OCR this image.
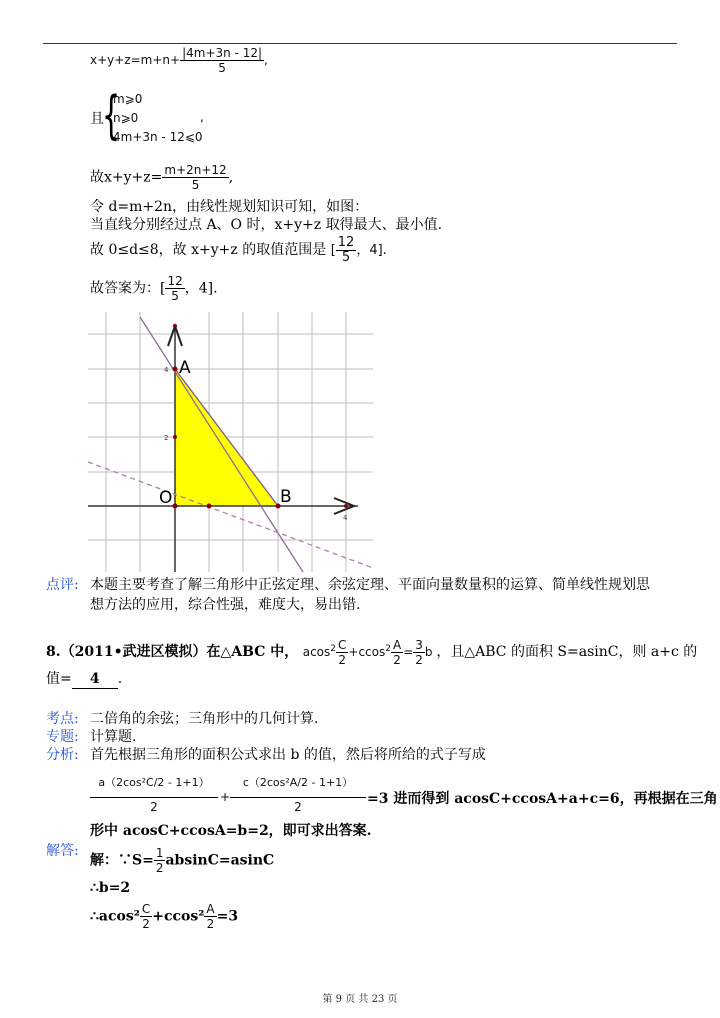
$x+y+z=m+n+ \frac{|4m+3n - 12|}{5}$ ,
且
{
m⩾0
n⩾0
4m+3n - 12⩽0
,
故$x+y+z= \frac{m+2n+12}{5}$ ,
令 d=m+2n，由线性规划知识可知，如图：
当直线分别经过点 A、O 时，x+y+z 取得最大、最小值.
故 0≤d≤8，故 x+y+z 的取值范围是 [ $\frac{12}{5}$ ，4].
故答案为：[ $\frac{12}{5}$ ，4].
A
B
O
4
2
4
点评: 本题主要考查了解三角形中正弦定理、余弦定理、平面向量数量积的运算、简单线性规划思
想方法的应用，综合性强，难度大，易出错.
8.（2011•武进区模拟）在△ABC 中， $acos^2 \frac{C}{2} +ccos^2 \frac{A}{2} = \frac{3}{2}$ b ，且△ABC 的面积 S=asinC，则 a+c 的
值= 4 .
考点: 二倍角的余弦；三角形中的几何计算.
专题: 计算题.
分析: 首先根据三角形的面积公式求出 b 的值，然后将所给的式子写成
a（2cos²C/2 - 1+1）
2
+
c（2cos²A/2 - 1+1）
2	=3 进而得到 acosC+ccosA+a+c=6，再根据在三角
形中 acosC+ccosA=b=2，即可求出答案.
解答:
解：∵S= $\frac{1}{2} absinC=asinC$
∴b=2
∴acos² $\frac{C}{2} +ccos^2 \frac{A}{2} =3$
第 9 页 共 23 页
